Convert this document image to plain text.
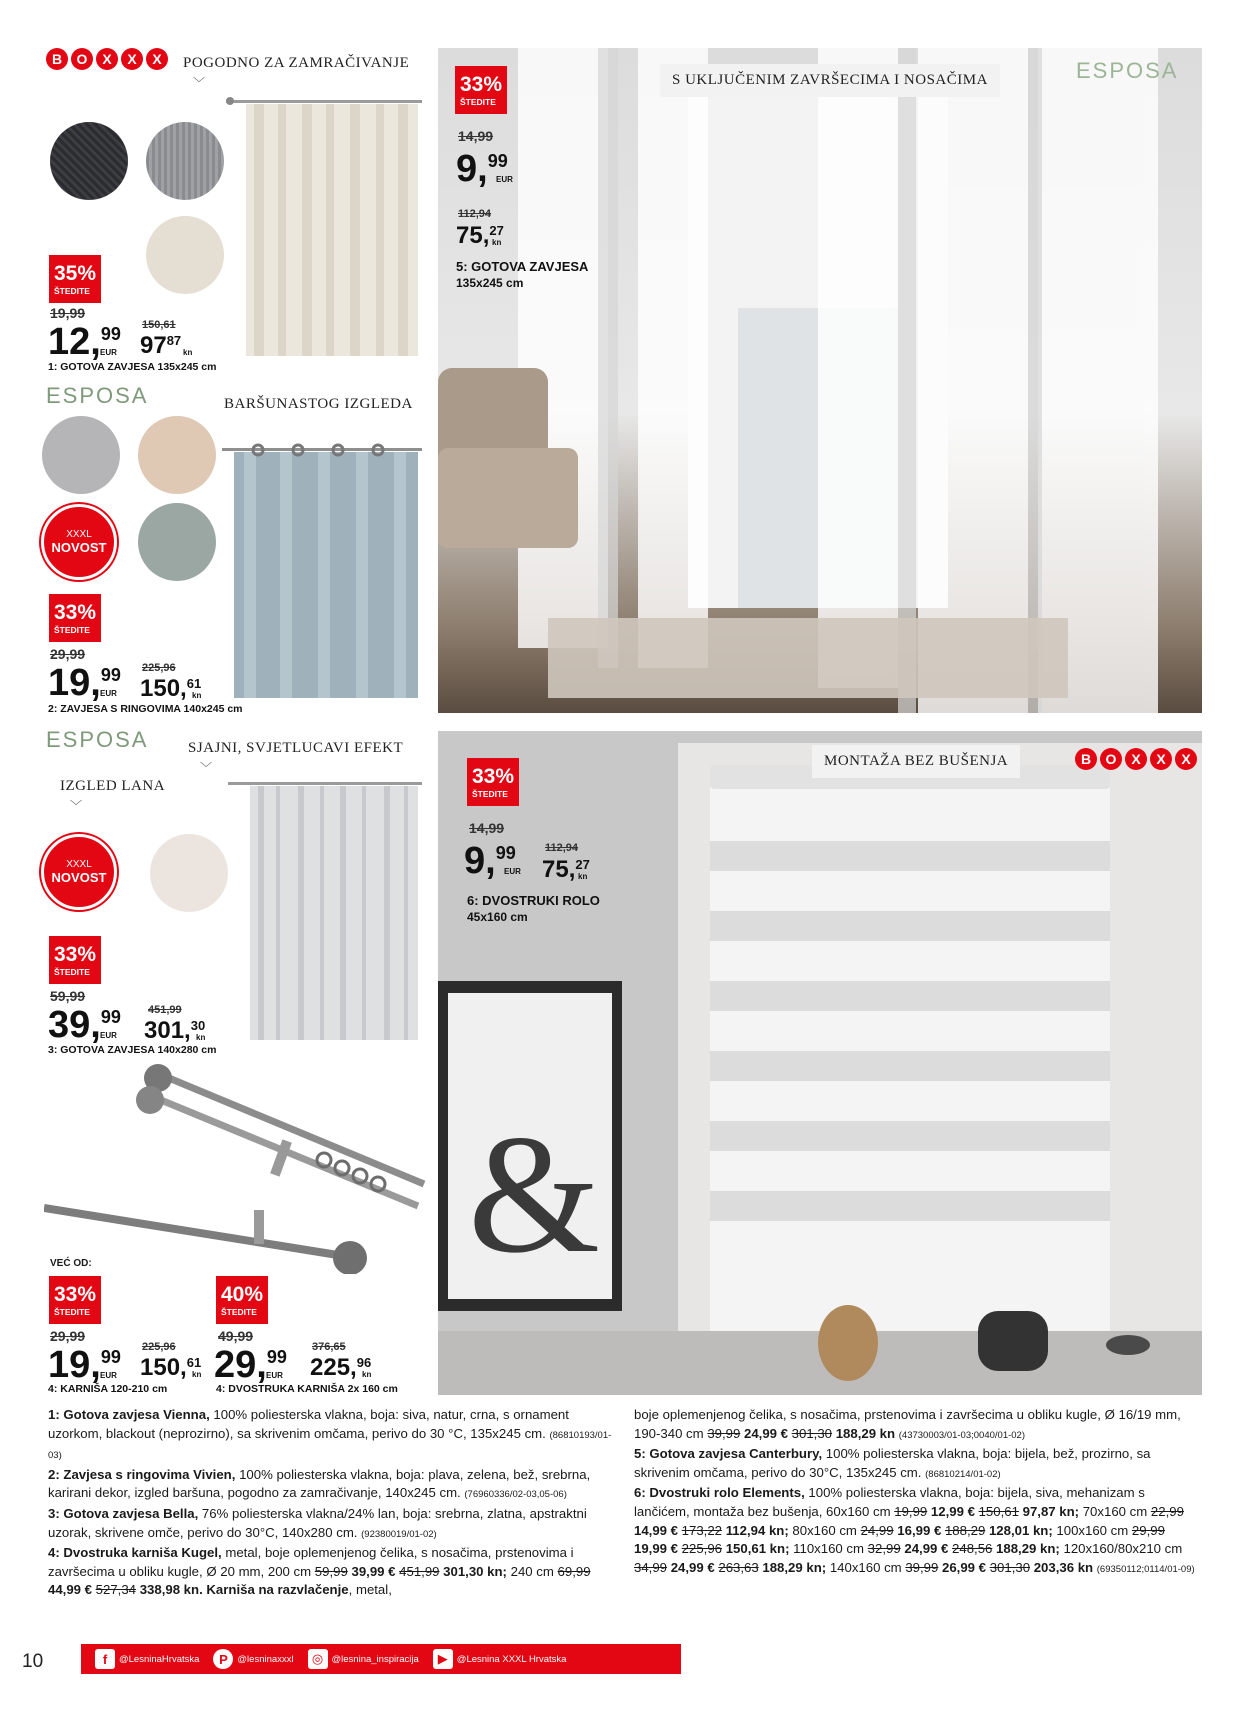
B	O	X	X	X	POGODNO ZA ZAMRAČIVANJE
﹀
35%
ŠTEDITE
19,99
12, 99
EUR
150,61
97 87
kn
1: GOTOVA ZAVJESA 135x245 cm
ESPOSA	BARŠUNASTOG IZGLEDA
XXXL
NOVOST
33%
ŠTEDITE
29,99
19, 99
EUR
225,96
150, 61
kn
2: ZAVJESA S RINGOVIMA 140x245 cm
ESPOSA	SJAJNI, SVJETLUCAVI EFEKT
﹀
IZGLED LANA
﹀
XXXL
NOVOST
33%
ŠTEDITE
59,99
39, 99
EUR
451,99
301, 30
kn
3: GOTOVA ZAVJESA 140x280 cm
VEĆ OD:
33%
ŠTEDITE
29,99
19, 99
EUR
225,96
150, 61
kn
4: KARNIŠA 120-210 cm
40%
ŠTEDITE
49,99
29, 99
EUR
376,65
225, 96
kn
4: DVOSTRUKA KARNIŠA 2x 160 cm
S UKLJUČENIM ZAVRŠECIMA I NOSAČIMA	ESPOSA
33%
ŠTEDITE
14,99
9, 99
EUR
112,94
75, 27
kn
5: GOTOVA ZAVJESA
135x245 cm
&
MONTAŽA BEZ BUŠENJA	B	O	X	X	X
33%
ŠTEDITE
14,99
9, 99
EUR
112,94
75, 27
kn
6: DVOSTRUKI ROLO
45x160 cm
1: Gotova zavjesa Vienna, 100% poliesterska vlakna, boja: siva, natur, crna, s ornament uzorkom, blackout (neprozirno), sa skrivenim omčama, perivo do 30 °C, 135x245 cm. (86810193/01-03)
2: Zavjesa s ringovima Vivien, 100% poliesterska vlakna, boja: plava, zelena, bež, srebrna, karirani dekor, izgled baršuna, pogodno za zamračivanje, 140x245 cm. (76960336/02-03,05-06)
3: Gotova zavjesa Bella, 76% poliesterska vlakna/24% lan, boja: srebrna, zlatna, apstraktni uzorak, skrivene omče, perivo do 30°C, 140x280 cm. (92380019/01-02)
4: Dvostruka karniša Kugel, metal, boje oplemenjenog čelika, s nosačima, prstenovima i završecima u obliku kugle, Ø 20 mm, 200 cm 59,99 39,99 € 451,99 301,30 kn; 240 cm 69,99 44,99 € 527,34 338,98 kn. Karniša na razvlačenje, metal,
boje oplemenjenog čelika, s nosačima, prstenovima i završecima u obliku kugle, Ø 16/19 mm, 190-340 cm 39,99 24,99 € 301,30 188,29 kn (43730003/01-03;0040/01-02)
5: Gotova zavjesa Canterbury, 100% poliesterska vlakna, boja: bijela, bež, prozirno, sa skrivenim omčama, perivo do 30°C, 135x245 cm. (86810214/01-02)
6: Dvostruki rolo Elements, 100% poliesterska vlakna, boja: bijela, siva, mehanizam s lančićem, montaža bez bušenja, 60x160 cm 19,99 12,99 € 150,61 97,87 kn; 70x160 cm 22,99 14,99 € 173,22 112,94 kn; 80x160 cm 24,99 16,99 € 188,29 128,01 kn; 100x160 cm 29,99 19,99 € 225,96 150,61 kn; 110x160 cm 32,99 24,99 € 248,56 188,29 kn; 120x160/80x210 cm 34,99 24,99 € 263,63 188,29 kn; 140x160 cm 39,99 26,99 € 301,30 203,36 kn (69350112;0114/01-09)
10	f	@LesninaHrvatska	P	@lesninaxxxl	◎ @lesnina_inspiracija	▶ @Lesnina XXXL Hrvatska
